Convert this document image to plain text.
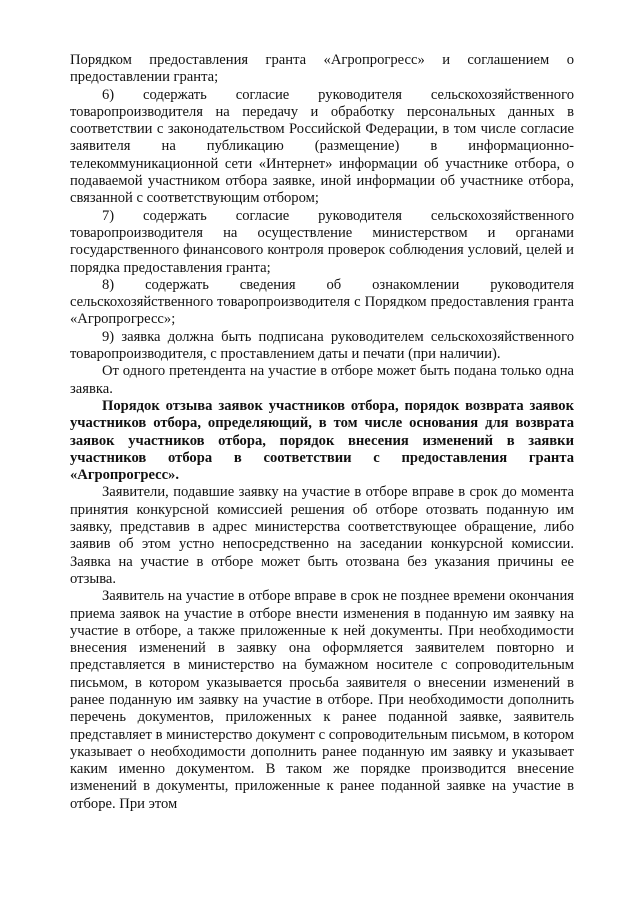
Порядком предоставления гранта «Агропрогресс» и соглашением о предоставлении гранта;

6) содержать согласие руководителя сельскохозяйственного товаропроизводителя на передачу и обработку персональных данных в соответствии с законодательством Российской Федерации, в том числе согласие заявителя на публикацию (размещение) в информационно-телекоммуникационной сети «Интернет» информации об участнике отбора, о подаваемой участником отбора заявке, иной информации об участнике отбора, связанной с соответствующим отбором;

7) содержать согласие руководителя сельскохозяйственного товаропроизводителя на осуществление министерством и органами государственного финансового контроля проверок соблюдения условий, целей и порядка предоставления гранта;

8) содержать сведения об ознакомлении руководителя сельскохозяйственного товаропроизводителя с Порядком предоставления гранта «Агропрогресс»;

9) заявка должна быть подписана руководителем сельскохозяйственного товаропроизводителя, с проставлением даты и печати (при наличии).

От одного претендента на участие в отборе может быть подана только одна заявка.

Порядок отзыва заявок участников отбора, порядок возврата заявок участников отбора, определяющий, в том числе основания для возврата заявок участников отбора, порядок внесения изменений в заявки участников отбора в соответствии с предоставления гранта «Агропрогресс».

Заявители, подавшие заявку на участие в отборе вправе в срок до момента принятия конкурсной комиссией решения об отборе отозвать поданную им заявку, представив в адрес министерства соответствующее обращение, либо заявив об этом устно непосредственно на заседании конкурсной комиссии. Заявка на участие в отборе может быть отозвана без указания причины ее отзыва.

Заявитель на участие в отборе вправе в срок не позднее времени окончания приема заявок на участие в отборе внести изменения в поданную им заявку на участие в отборе, а также приложенные к ней документы. При необходимости внесения изменений в заявку она оформляется заявителем повторно и представляется в министерство на бумажном носителе с сопроводительным письмом, в котором указывается просьба заявителя о внесении изменений в ранее поданную им заявку на участие в отборе. При необходимости дополнить перечень документов, приложенных к ранее поданной заявке, заявитель представляет в министерство документ с сопроводительным письмом, в котором указывает о необходимости дополнить ранее поданную им заявку и указывает каким именно документом. В таком же порядке производится внесение изменений в документы, приложенные к ранее поданной заявке на участие в отборе. При этом
